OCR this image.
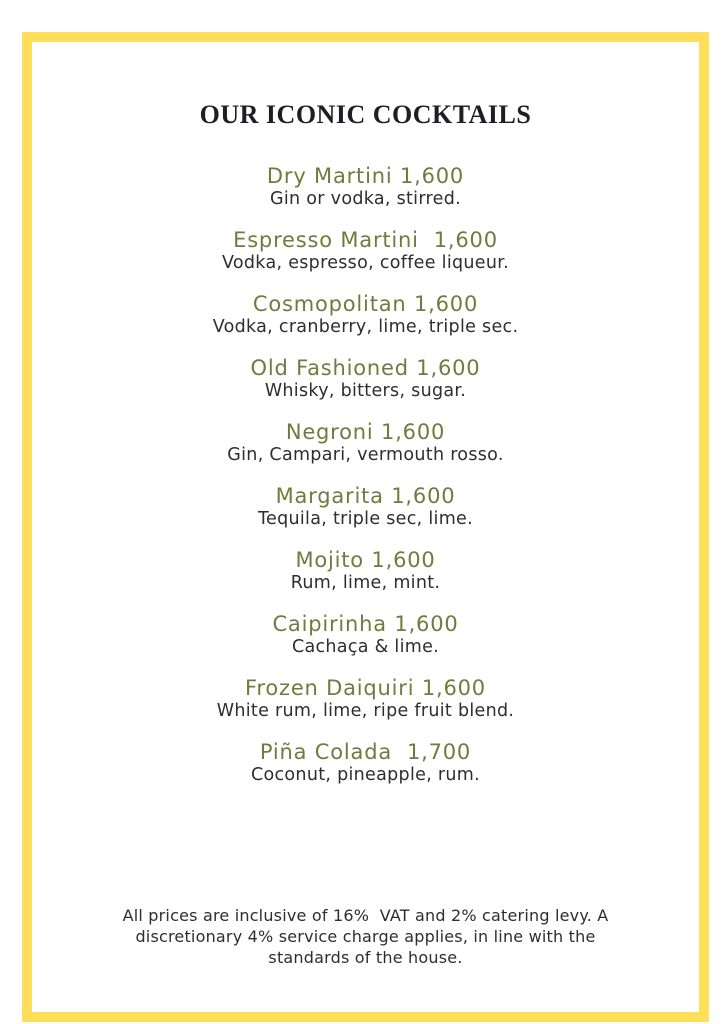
OUR ICONIC COCKTAILS
Dry Martini 1,600
Gin or vodka, stirred.
Espresso Martini  1,600
Vodka, espresso, coffee liqueur.
Cosmopolitan 1,600
Vodka, cranberry, lime, triple sec.
Old Fashioned 1,600
Whisky, bitters, sugar.
Negroni 1,600
Gin, Campari, vermouth rosso.
Margarita 1,600
Tequila, triple sec, lime.
Mojito 1,600
Rum, lime, mint.
Caipirinha 1,600
Cachaça & lime.
Frozen Daiquiri 1,600
White rum, lime, ripe fruit blend.
Piña Colada  1,700
Coconut, pineapple, rum.

All prices are inclusive of 16%  VAT and 2% catering levy. A discretionary 4% service charge applies, in line with the standards of the house.
